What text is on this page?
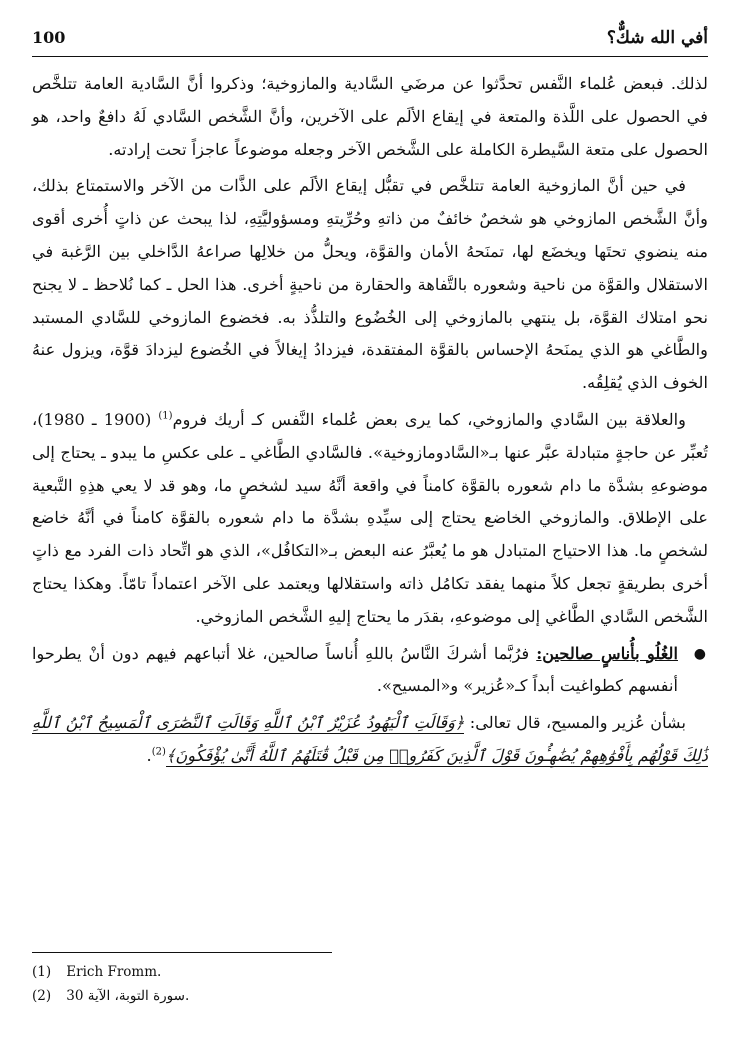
أفي الله شكٌّ؟
100

لذلك. فبعض عُلماء النَّفس تحدَّثوا عن مرضَي السَّادية والمازوخية؛ وذكروا أنَّ السَّادية العامة تتلخَّص في الحصول على اللَّذة والمتعة في إيقاع الألَم على الآخرين، وأنَّ الشَّخص السَّادي لَهُ دافعٌ واحد، هو الحصول على متعة السَّيطرة الكاملة على الشَّخص الآخر وجعله موضوعاً عاجزاً تحت إرادته.

في حين أنَّ المازوخية العامة تتلخَّص في تقبُّل إيقاع الألَم على الذَّات من الآخر والاستمتاع بذلك، وأنَّ الشَّخص المازوخي هو شخصٌ خائفٌ من ذاتهِ وحُرِّيتهِ ومسؤوليَّتِهِ، لذا يبحث عن ذاتٍ أُخرى أقوى منه ينضوي تحتَها ويخضَع لها، تمنَحهُ الأمان والقوَّة، ويحلُّ من خلالِها صراعهُ الدَّاخلي بين الرَّغبة في الاستقلال والقوَّة من ناحية وشعوره بالتَّفاهة والحقارة من ناحيةٍ أخرى. هذا الحل ـ كما نُلاحظ ـ لا يجنح نحو امتلاك القوَّة، بل ينتهي بالمازوخي إلى الخُضُوع والتلذُّذ به. فخضوع المازوخي للسَّادي المستبد والطَّاغي هو الذي يمنَحهُ الإحساس بالقوَّة المفتقدة، فيزدادُ إيغالاً في الخُضوع ليزدادَ قوَّة، ويزول عنهُ الخوف الذي يُقلِقُه.

والعلاقة بين السَّادي والمازوخي، كما يرى بعض عُلماء النَّفس كـ أريك فروم$^{(1)}$ (1900 ـ 1980)، تُعبِّر عن حاجةٍ متبادلة عبَّر عنها بـ«السَّادومازوخية». فالسَّادي الطَّاغي ـ على عكسِ ما يبدو ـ يحتاج إلى موضوعهِ بشدَّة ما دام شعوره بالقوَّة كامناً في واقعة أنَّهُ سيد لشخصٍ ما، وهو قد لا يعي هذِهِ التَّبعية على الإطلاق. والمازوخي الخاضع يحتاج إلى سيِّدهِ بشدَّة ما دام شعوره بالقوَّة كامناً في أنَّهُ خاضع لشخصٍ ما. هذا الاحتياج المتبادل هو ما يُعبَّرُ عنه البعض بـ«التكافُل»، الذي هو اتِّحاد ذات الفرد مع ذاتٍ أخرى بطريقةٍ تجعل كلاً منهما يفقد تكامُل ذاته واستقلالها ويعتمد على الآخر اعتماداً تامّاً. وهكذا يحتاج الشَّخص السَّادي الطَّاغي إلى موضوعهِ، بقدَر ما يحتاج إليهِ الشَّخص المازوخي.

●
الغُلُو بأُناسٍ صالحين: فرُبَّما أشركَ النَّاسُ باللهِ أُناساً صالحين، غلا أتباعهم فيهم دون أنْ يطرحوا أنفسهم كطواغيت أبداً كـ«عُزير» و«المسيح».

بشأن عُزير والمسيح، قال تعالى: ﴿وَقَالَتِ ٱلْيَهُودُ عُزَيْرٌ ٱبْنُ ٱللَّهِ وَقَالَتِ ٱلنَّصَٰرَى ٱلْمَسِيحُ ٱبْنُ ٱللَّهِ ذَٰلِكَ قَوْلُهُم بِأَفْوَٰهِهِمْ يُضَٰهِـُٔونَ قَوْلَ ٱلَّذِينَ كَفَرُوا۟ مِن قَبْلُ قَٰتَلَهُمُ ٱللَّهُ أَنَّىٰ يُؤْفَكُونَ﴾$^{(2)}$.

(1) Erich Fromm.
(2) سورة التوبة، الآية 30.
